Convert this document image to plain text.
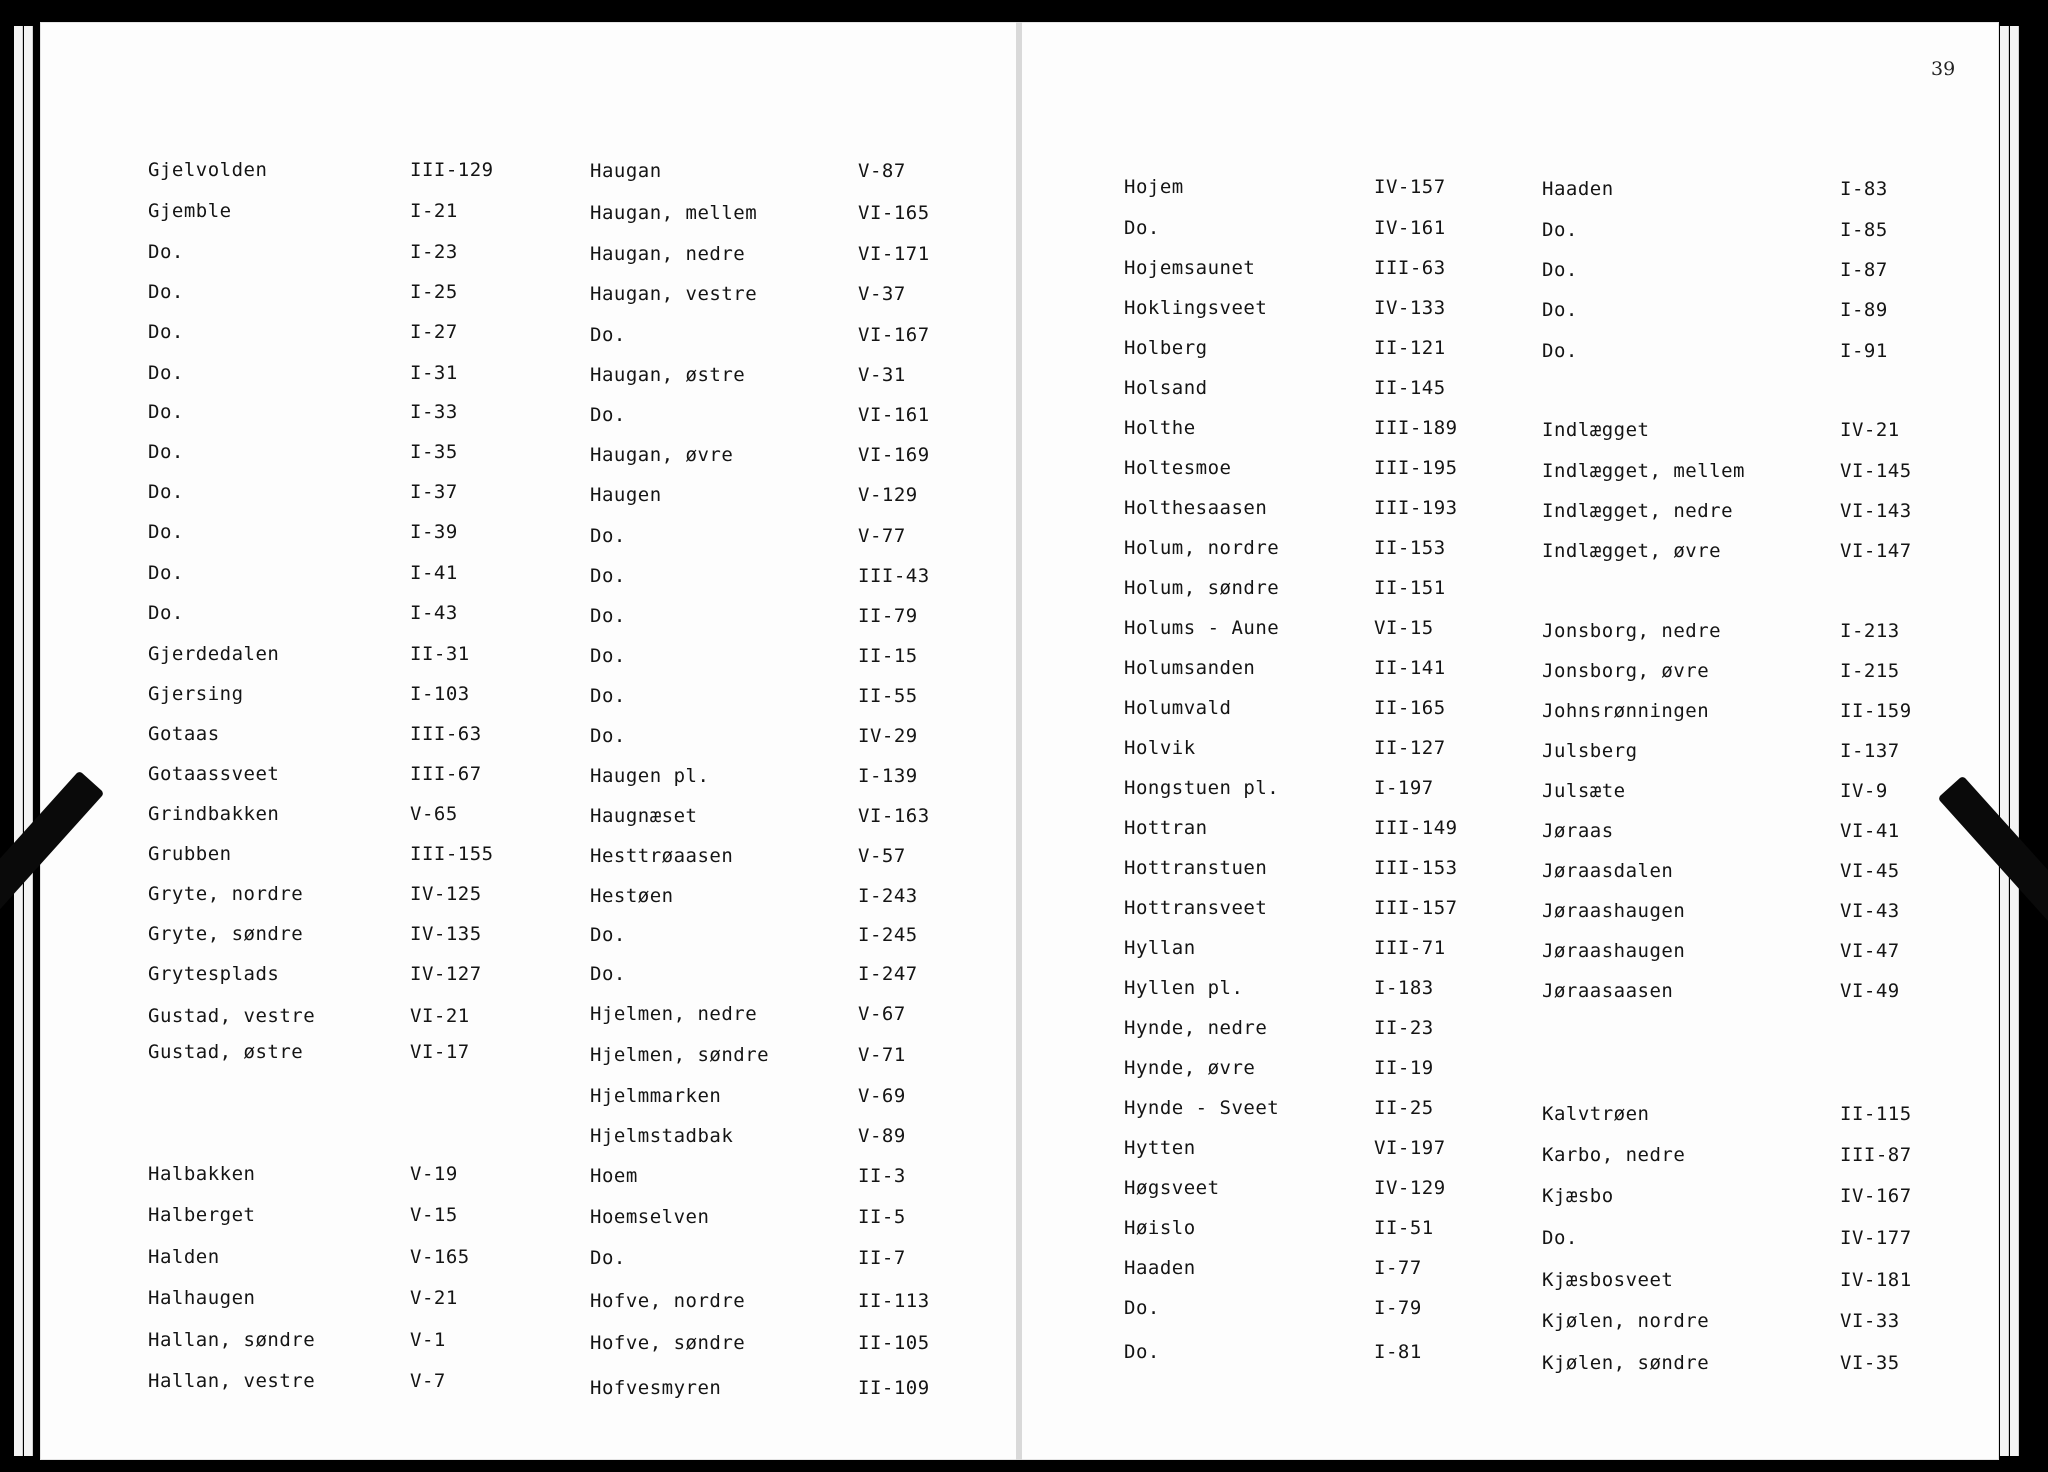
39
Gjelvolden	III-129
Gjemble	I-21
Do.	I-23
Do.	I-25
Do.	I-27
Do.	I-31
Do.	I-33
Do.	I-35
Do.	I-37
Do.	I-39
Do.	I-41
Do.	I-43
Gjerdedalen	II-31
Gjersing	I-103
Gotaas	III-63
Gotaassveet	III-67
Grindbakken	V-65
Grubben	III-155
Gryte, nordre	IV-125
Gryte, søndre	IV-135
Grytesplads	IV-127
Gustad, vestre	VI-21
Gustad, østre	VI-17
Halbakken	V-19
Halberget	V-15
Halden	V-165
Halhaugen	V-21
Hallan, søndre	V-1
Hallan, vestre	V-7
Haugan	V-87
Haugan, mellem	VI-165
Haugan, nedre	VI-171
Haugan, vestre	V-37
Do.	VI-167
Haugan, østre	V-31
Do.	VI-161
Haugan, øvre	VI-169
Haugen	V-129
Do.	V-77
Do.	III-43
Do.	II-79
Do.	II-15
Do.	II-55
Do.	IV-29
Haugen pl.	I-139
Haugnæset	VI-163
Hesttrøaasen	V-57
Hestøen	I-243
Do.	I-245
Do.	I-247
Hjelmen, nedre	V-67
Hjelmen, søndre	V-71
Hjelmmarken	V-69
Hjelmstadbak	V-89
Hoem	II-3
Hoemselven	II-5
Do.	II-7
Hofve, nordre	II-113
Hofve, søndre	II-105
Hofvesmyren	II-109
Hojem	IV-157
Do.	IV-161
Hojemsaunet	III-63
Hoklingsveet	IV-133
Holberg	II-121
Holsand	II-145
Holthe	III-189
Holtesmoe	III-195
Holthesaasen	III-193
Holum, nordre	II-153
Holum, søndre	II-151
Holums - Aune	VI-15
Holumsanden	II-141
Holumvald	II-165
Holvik	II-127
Hongstuen pl.	I-197
Hottran	III-149
Hottranstuen	III-153
Hottransveet	III-157
Hyllan	III-71
Hyllen pl.	I-183
Hynde, nedre	II-23
Hynde, øvre	II-19
Hynde - Sveet	II-25
Hytten	VI-197
Høgsveet	IV-129
Høislo	II-51
Haaden	I-77
Do.	I-79
Do.	I-81
Haaden	I-83
Do.	I-85
Do.	I-87
Do.	I-89
Do.	I-91
Indlægget	IV-21
Indlægget, mellem	VI-145
Indlægget, nedre	VI-143
Indlægget, øvre	VI-147
Jonsborg, nedre	I-213
Jonsborg, øvre	I-215
Johnsrønningen	II-159
Julsberg	I-137
Julsæte	IV-9
Jøraas	VI-41
Jøraasdalen	VI-45
Jøraashaugen	VI-43
Jøraashaugen	VI-47
Jøraasaasen	VI-49
Kalvtrøen	II-115
Karbo, nedre	III-87
Kjæsbo	IV-167
Do.	IV-177
Kjæsbosveet	IV-181
Kjølen, nordre	VI-33
Kjølen, søndre	VI-35
